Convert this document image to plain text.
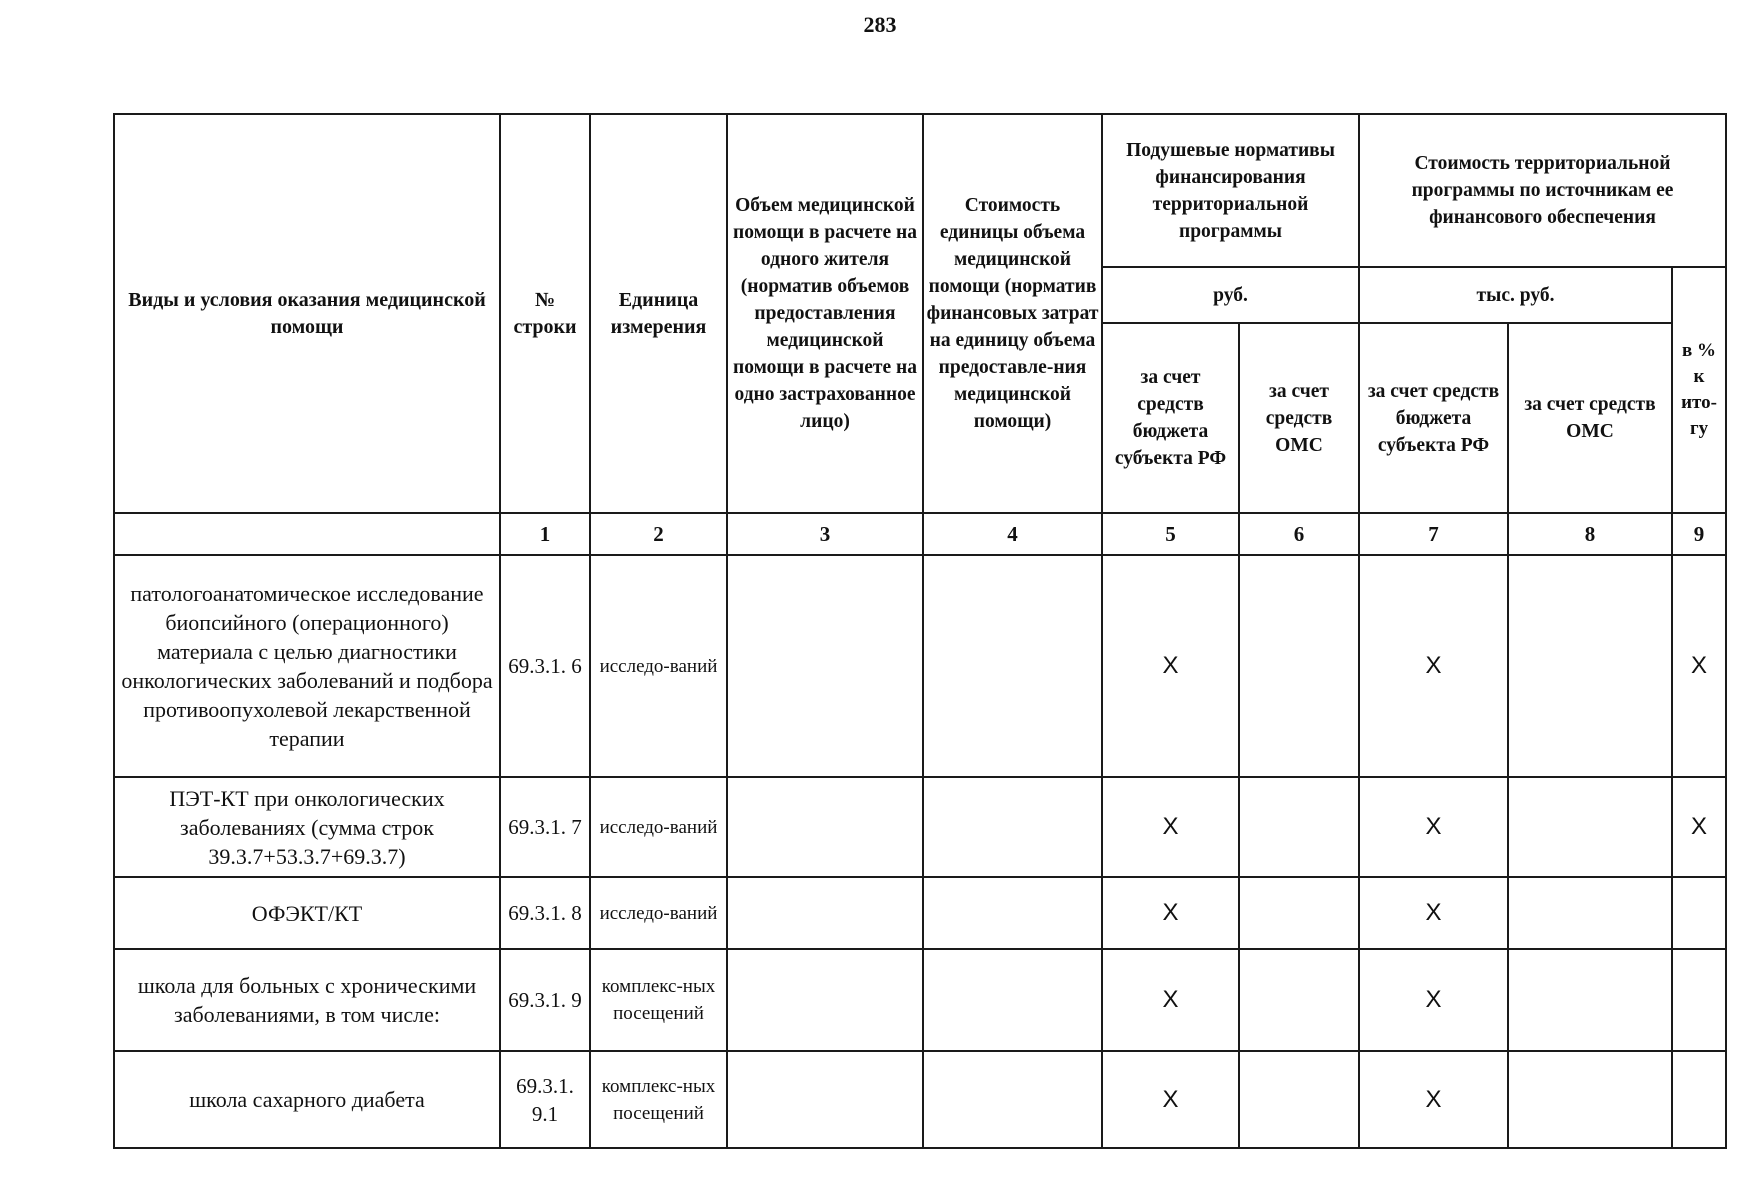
283
Виды и условия оказания медицинской помощи	№ строки	Единица измерения	Объем медицинской помощи в расчете на одного жителя (норматив объемов предоставления медицинской помощи в расчете на одно застрахованное лицо)	Стоимость единицы объема медицинской помощи (норматив финансовых затрат на единицу объема предоставле-ния медицинской помощи)	Подушевые нормативы финансирования территориальной программы		Стоимость территориальной программы по источникам ее финансового обеспечения		
					руб.		тыс. руб.		в % к ито-гу
					за счет средств бюджета субъекта РФ	за счет средств ОМС	за счет средств бюджета субъекта РФ	за счет средств ОМС	
	1	2	3	4	5	6	7	8	9
патологоанатомическое исследование биопсийного (операционного) материала с целью диагностики онкологических заболеваний и подбора противоопухолевой лекарственной терапии	69.3.1. 6	исследо-ваний			X		X		X
ПЭТ-КТ при онкологических заболеваниях (сумма строк 39.3.7+53.3.7+69.3.7)	69.3.1. 7	исследо-ваний			X		X		X
ОФЭКТ/КТ	69.3.1. 8	исследо-ваний			X		X		
школа для больных с хроническими заболеваниями, в том числе:	69.3.1. 9	комплекс-ных посещений			X		X		
школа сахарного диабета	69.3.1. 9.1	комплекс-ных посещений			X		X		
